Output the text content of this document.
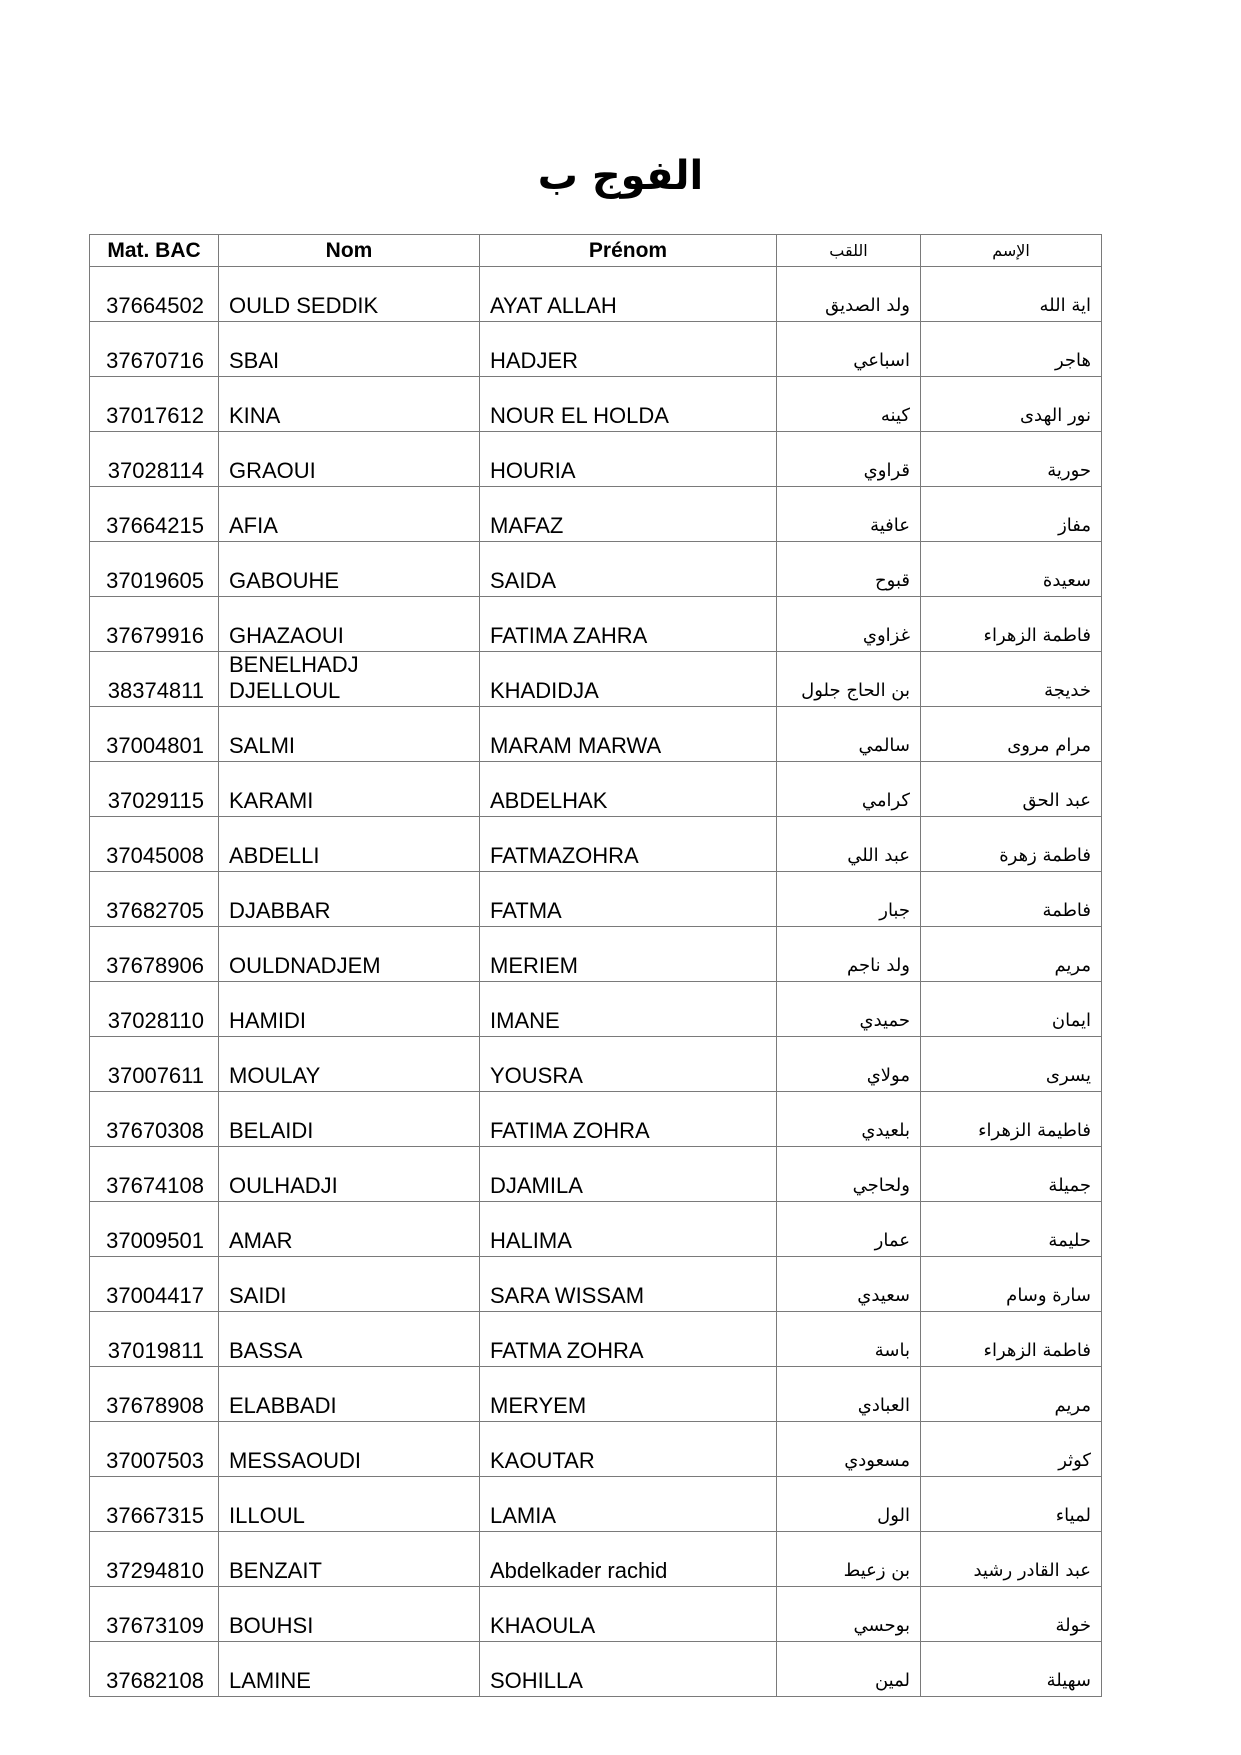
الفوج ب
Mat. BAC	Nom	Prénom	اللقب	الإسم
37664502	OULD SEDDIK	AYAT ALLAH	ولد الصديق	اية الله
37670716	SBAI	HADJER	اسباعي	هاجر
37017612	KINA	NOUR EL HOLDA	كينه	نور الهدى
37028114	GRAOUI	HOURIA	قراوي	حورية
37664215	AFIA	MAFAZ	عافية	مفاز
37019605	GABOUHE	SAIDA	قبوح	سعيدة
37679916	GHAZAOUI	FATIMA ZAHRA	غزاوي	فاطمة الزهراء
38374811	BENELHADJ DJELLOUL	KHADIDJA	بن الحاج جلول	خديجة
37004801	SALMI	MARAM MARWA	سالمي	مرام مروى
37029115	KARAMI	ABDELHAK	كرامي	عبد الحق
37045008	ABDELLI	FATMAZOHRA	عبد اللي	فاطمة زهرة
37682705	DJABBAR	FATMA	جبار	فاطمة
37678906	OULDNADJEM	MERIEM	ولد ناجم	مريم
37028110	HAMIDI	IMANE	حميدي	ايمان
37007611	MOULAY	YOUSRA	مولاي	يسرى
37670308	BELAIDI	FATIMA ZOHRA	بلعيدي	فاطيمة الزهراء
37674108	OULHADJI	DJAMILA	ولحاجي	جميلة
37009501	AMAR	HALIMA	عمار	حليمة
37004417	SAIDI	SARA WISSAM	سعيدي	سارة وسام
37019811	BASSA	FATMA ZOHRA	باسة	فاطمة الزهراء
37678908	ELABBADI	MERYEM	العبادي	مريم
37007503	MESSAOUDI	KAOUTAR	مسعودي	كوثر
37667315	ILLOUL	LAMIA	الول	لمياء
37294810	BENZAIT	Abdelkader rachid	بن زعيط	عبد القادر رشيد
37673109	BOUHSI	KHAOULA	بوحسي	خولة
37682108	LAMINE	SOHILLA	لمين	سهيلة
